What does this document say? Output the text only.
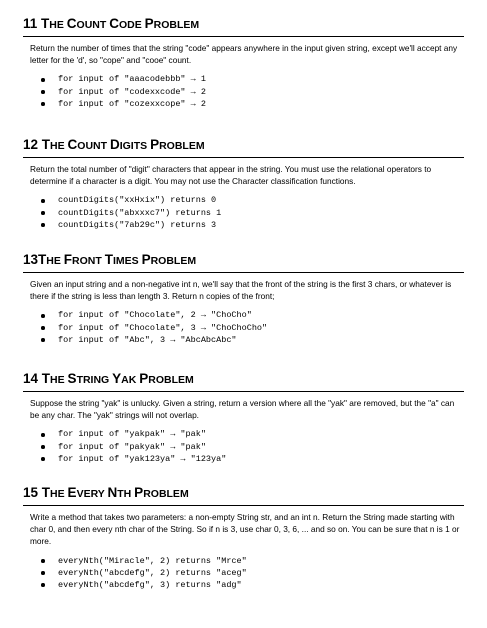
11 THE COUNT CODE PROBLEM

Return the number of times that the string "code" appears anywhere in the input given string, except we'll accept any letter for the 'd', so "cope" and "cooe" count.

for input of "aaacodebbb" → 1
for input of "codexxcode" → 2
for input of "cozexxcope" → 2
12 THE COUNT DIGITS PROBLEM

Return the total number of "digit" characters that appear in the string. You must use the relational operators to determine if a character is a digit. You may not use the Character classification functions.

countDigits("xxHxix") returns 0
countDigits("abxxxc7") returns 1
countDigits("7ab29c") returns 3
13THE FRONT TIMES PROBLEM

Given an input string and a non-negative int n, we'll say that the front of the string is the first 3 chars, or whatever is there if the string is less than length 3. Return n copies of the front;

for input of "Chocolate", 2 → "ChoCho"
for input of "Chocolate", 3 → "ChoChoCho"
for input of "Abc", 3 → "AbcAbcAbc"
14 THE STRING YAK PROBLEM

Suppose the string "yak" is unlucky. Given a string, return a version where all the "yak" are removed, but the "a" can be any char. The "yak" strings will not overlap.

for input of "yakpak" → "pak"
for input of "pakyak" → "pak"
for input of "yak123ya" → "123ya"
15 THE EVERY NTH PROBLEM

Write a method that takes two parameters: a non-empty String str, and an int n. Return the String made starting with char 0, and then every nth char of the String. So if n is 3, use char 0, 3, 6, ... and so on. You can be sure that n is 1 or more.

everyNth("Miracle", 2) returns "Mrce"
everyNth("abcdefg", 2) returns "aceg"
everyNth("abcdefg", 3) returns "adg"
